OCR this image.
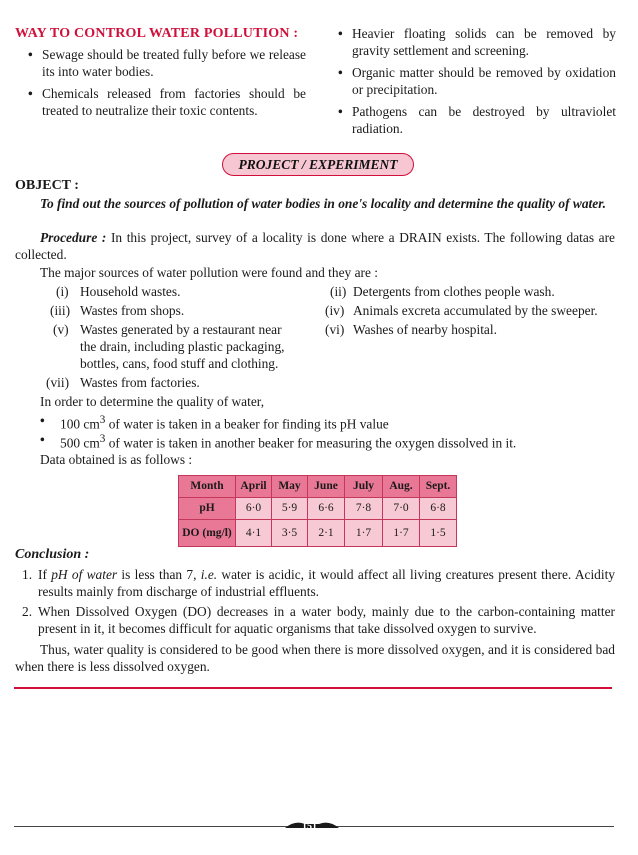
WAY TO CONTROL WATER POLLUTION :
• Sewage should be treated fully before we release its into water bodies.
• Chemicals released from factories should be treated to neutralize their toxic contents.
• Heavier floating solids can be removed by gravity settlement and screening.
• Organic matter should be removed by oxidation or precipitation.
• Pathogens can be destroyed by ultraviolet radiation.
PROJECT / EXPERIMENT
OBJECT :
To find out the sources of pollution of water bodies in one's locality and determine the quality of water.
Procedure : In this project, survey of a locality is done where a DRAIN exists. The following datas are collected.
The major sources of water pollution were found and they are :
(i) Household wastes.	(ii) Detergents from clothes people wash.
(iii) Wastes from shops.	(iv) Animals excreta accumulated by the sweeper.
(v) Wastes generated by a restaurant near the drain, including plastic packaging, bottles, cans, food stuff and clothing.
(vi) Washes of nearby hospital.
(vii) Wastes from factories.
In order to determine the quality of water,
•	100 $cm^3$ of water is taken in a beaker for finding its pH value
•	500 $cm^3$ of water is taken in another beaker for measuring the oxygen dissolved in it.
Data obtained is as follows :
Month	April	May	June	July	Aug.	Sept.
pH	6·0	5·9	6·6	7·8	7·0	6·8
DO (mg/l)	4·1	3·5	2·1	1·7	1·7	1·5
Conclusion :
1. If pH of water is less than 7, i.e. water is acidic, it would affect all living creatures present there. Acidity results mainly from discharge of industrial effluents.
2. When Dissolved Oxygen (DO) decreases in a water body, mainly due to the carbon-containing matter present in it, it becomes difficult for aquatic organisms that take dissolved oxygen to survive.
Thus, water quality is considered to be good when there is more dissolved oxygen, and it is considered bad when there is less dissolved oxygen.
151
